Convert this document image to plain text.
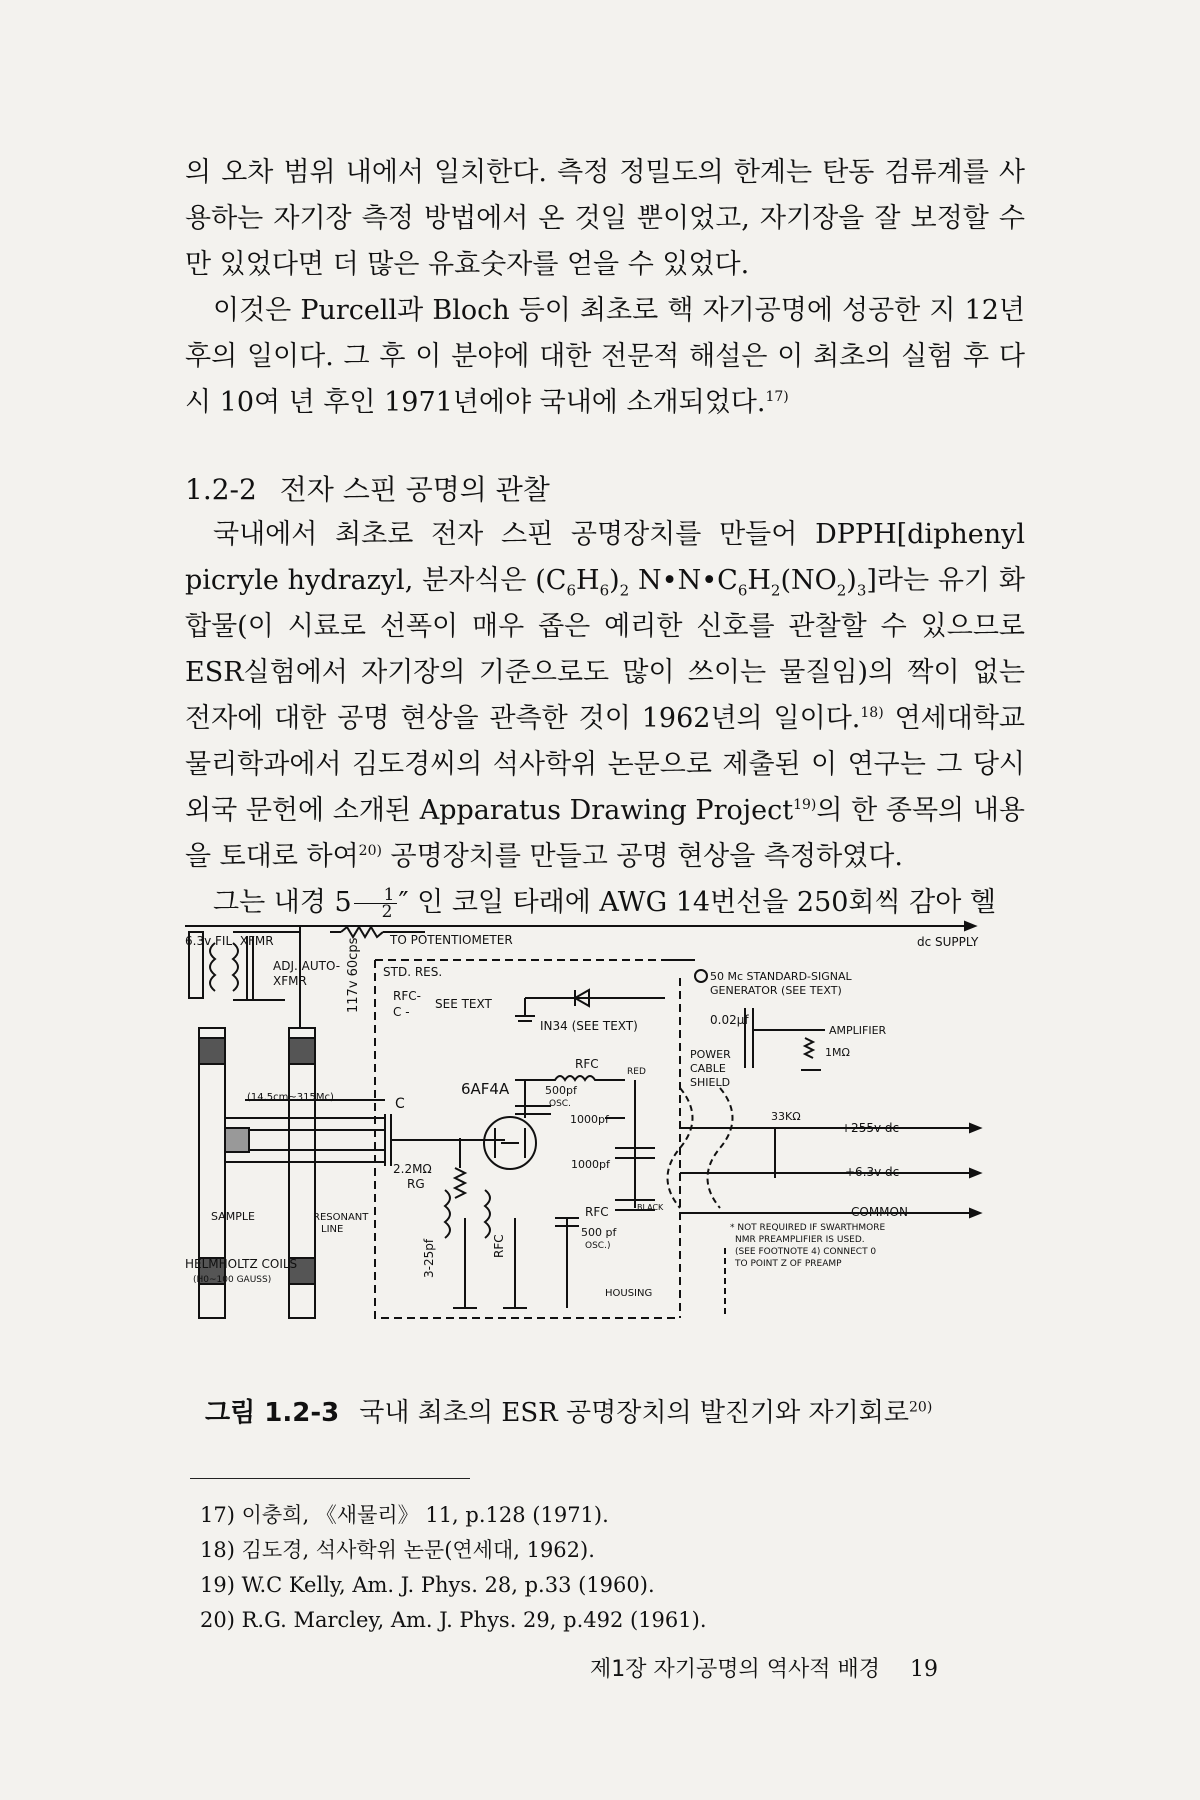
의 오차 범위 내에서 일치한다. 측정 정밀도의 한계는 탄동 검류계를 사용하는 자기장 측정 방법에서 온 것일 뿐이었고, 자기장을 잘 보정할 수만 있었다면 더 많은 유효숫자를 얻을 수 있었다.

이것은 Purcell과 Bloch 등이 최초로 핵 자기공명에 성공한 지 12년 후의 일이다. 그 후 이 분야에 대한 전문적 해설은 이 최초의 실험 후 다시 10여 년 후인 1971년에야 국내에 소개되었다.$^{17)}$

1.2-2 전자 스핀 공명의 관찰

국내에서 최초로 전자 스핀 공명장치를 만들어 DPPH[diphenyl picryle hydrazyl, 분자식은 $(C_6H_6)_2$ $N•N•C_6H_2(NO_2)_3$]라는 유기 화합물(이 시료로 선폭이 매우 좁은 예리한 신호를 관찰할 수 있으므로 ESR실험에서 자기장의 기준으로도 많이 쓰이는 물질임)의 짝이 없는 전자에 대한 공명 현상을 관측한 것이 1962년의 일이다.$^{18)}$ 연세대학교 물리학과에서 김도경씨의 석사학위 논문으로 제출된 이 연구는 그 당시 외국 문헌에 소개된 Apparatus Drawing Project$^{19)}$의 한 종목의 내용을 토대로 하여$^{20)}$ 공명장치를 만들고 공명 현상을 측정하였다.

그는 내경 $5 \frac{1}{2}$ ″ 인 코일 타래에 AWG 14번선을 250회씩 감아 헬

6.3v FIL. XFMR	TO POTENTIOMETER	dc SUPPLY
ADJ. AUTO-
XFMR	117v 60cps STD. RES.
RFC-
C -
SEE TEXT
IN34 (SEE TEXT)
50 Mc STANDARD-SIGNAL
GENERATOR (SEE TEXT)
0.02μf
AMPLIFIER
1MΩ
POWER
CABLE
SHIELD
RFC
RED
6AF4A
(14.5cm~315Mc)	C
500pf
OSC.
1000pf
1000pf
33KΩ
+255v dc
+6.3v dc
COMMON
2.2MΩ
RG
SAMPLE	RESONANT
LINE
HELMHOLTZ COILS
(H0~100 GAUSS)
3-25pf	RFC
RFC	BLACK
500 pf
OSC.)
HOUSING
* NOT REQUIRED IF SWARTHMORE
NMR PREAMPLIFIER IS USED.
(SEE FOOTNOTE 4) CONNECT 0
TO POINT Z OF PREAMP
그림 1.2-3 국내 최초의 ESR 공명장치의 발진기와 자기회로$^{20)}$
17) 이충희, 《새물리》 11, p.128 (1971).
18) 김도경, 석사학위 논문(연세대, 1962).
19) W.C Kelly, Am. J. Phys. 28, p.33 (1960).
20) R.G. Marcley, Am. J. Phys. 29, p.492 (1961).
제1장 자기공명의 역사적 배경 19
